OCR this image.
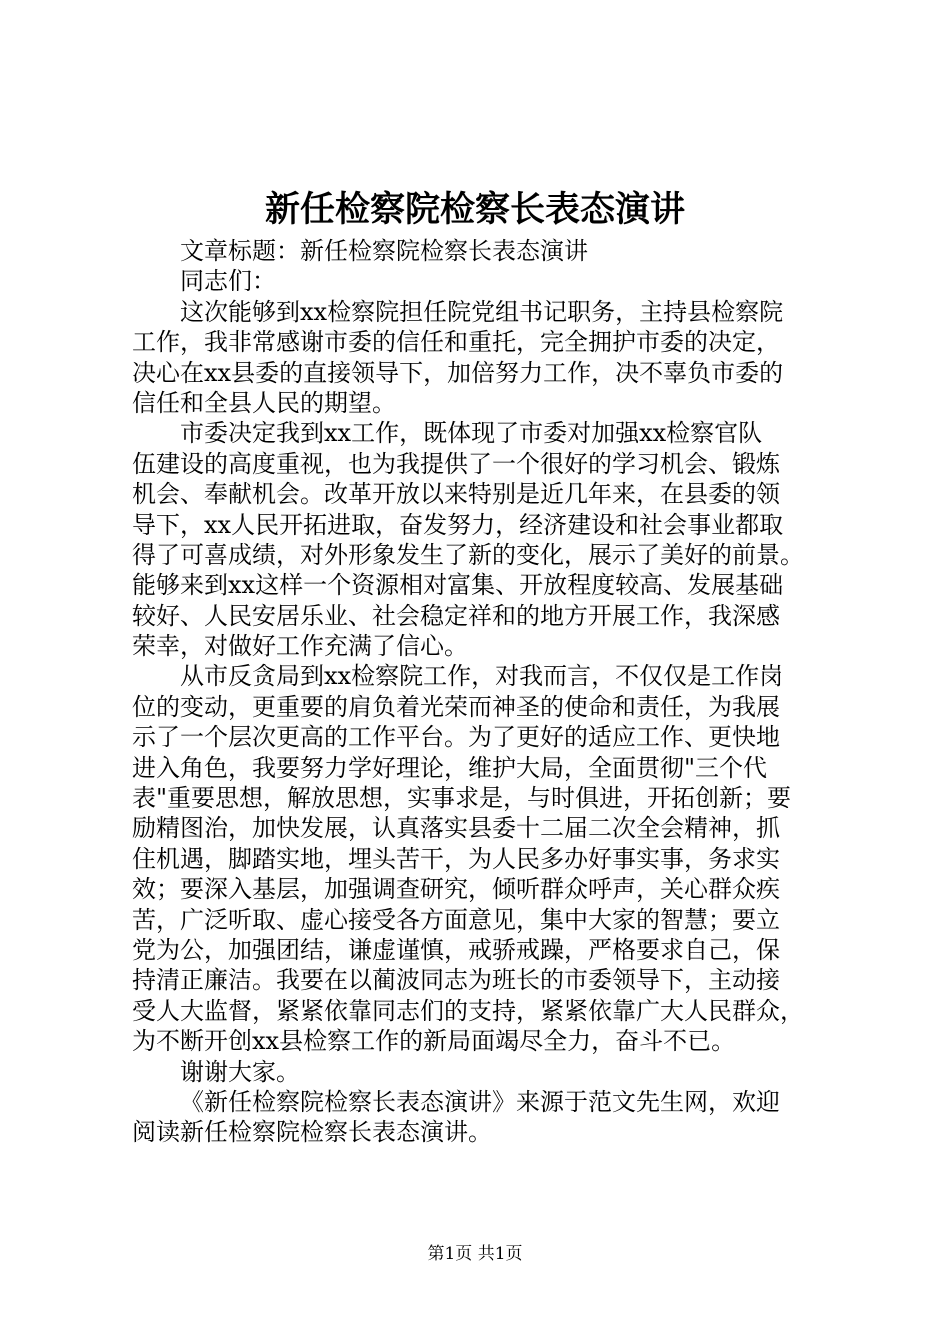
新任检察院检察长表态演讲
文章标题：新任检察院检察长表态演讲
同志们：
这次能够到xx检察院担任院党组书记职务，主持县检察院
工作，我非常感谢市委的信任和重托，完全拥护市委的决定，
决心在xx县委的直接领导下，加倍努力工作，决不辜负市委的
信任和全县人民的期望。
市委决定我到xx工作，既体现了市委对加强xx检察官队
伍建设的高度重视，也为我提供了一个很好的学习机会、锻炼
机会、奉献机会。改革开放以来特别是近几年来，在县委的领
导下，xx人民开拓进取，奋发努力，经济建设和社会事业都取
得了可喜成绩，对外形象发生了新的变化，展示了美好的前景。
能够来到xx这样一个资源相对富集、开放程度较高、发展基础
较好、人民安居乐业、社会稳定祥和的地方开展工作，我深感
荣幸，对做好工作充满了信心。
从市反贪局到xx检察院工作，对我而言，不仅仅是工作岗
位的变动，更重要的肩负着光荣而神圣的使命和责任，为我展
示了一个层次更高的工作平台。为了更好的适应工作、更快地
进入角色，我要努力学好理论，维护大局，全面贯彻"三个代
表"重要思想，解放思想，实事求是，与时俱进，开拓创新；要
励精图治，加快发展，认真落实县委十二届二次全会精神，抓
住机遇，脚踏实地，埋头苦干，为人民多办好事实事，务求实
效；要深入基层，加强调查研究，倾听群众呼声，关心群众疾
苦，广泛听取、虚心接受各方面意见，集中大家的智慧；要立
党为公，加强团结，谦虚谨慎，戒骄戒躁，严格要求自己，保
持清正廉洁。我要在以蔺波同志为班长的市委领导下，主动接
受人大监督，紧紧依靠同志们的支持，紧紧依靠广大人民群众，
为不断开创xx县检察工作的新局面竭尽全力，奋斗不已。
谢谢大家。
《新任检察院检察长表态演讲》来源于范文先生网，欢迎
阅读新任检察院检察长表态演讲。
第1页 共1页
